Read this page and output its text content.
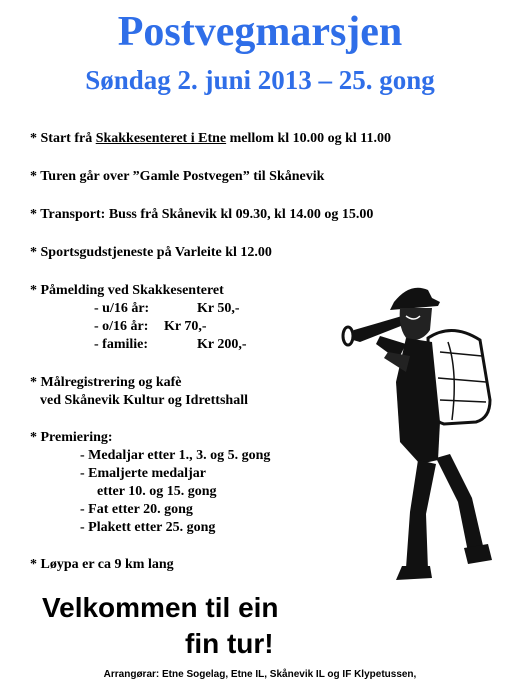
Postvegmarsjen
Søndag 2. juni 2013 – 25. gong
* Start frå Skakkesenteret i Etne mellom kl 10.00 og kl 11.00
* Turen går over ”Gamle Postvegen” til Skånevik
* Transport: Buss frå Skånevik kl 09.30, kl 14.00 og 15.00
* Sportsgudstjeneste på Varleite kl 12.00
* Påmelding ved Skakkesenteret
- u/16 år:	Kr 50,-
- o/16 år: Kr 70,-
- familie:	Kr 200,-
* Målregistrering og kafè
ved Skånevik Kultur og Idrettshall
* Premiering:
- Medaljar etter 1., 3. og 5. gong
- Emaljerte medaljar
etter 10. og 15. gong
- Fat etter 20. gong
- Plakett etter 25. gong
* Løypa er ca 9 km lang
Velkommen til ein
fin tur!
Arrangørar: Etne Sogelag, Etne IL, Skånevik IL og IF Klypetussen,
